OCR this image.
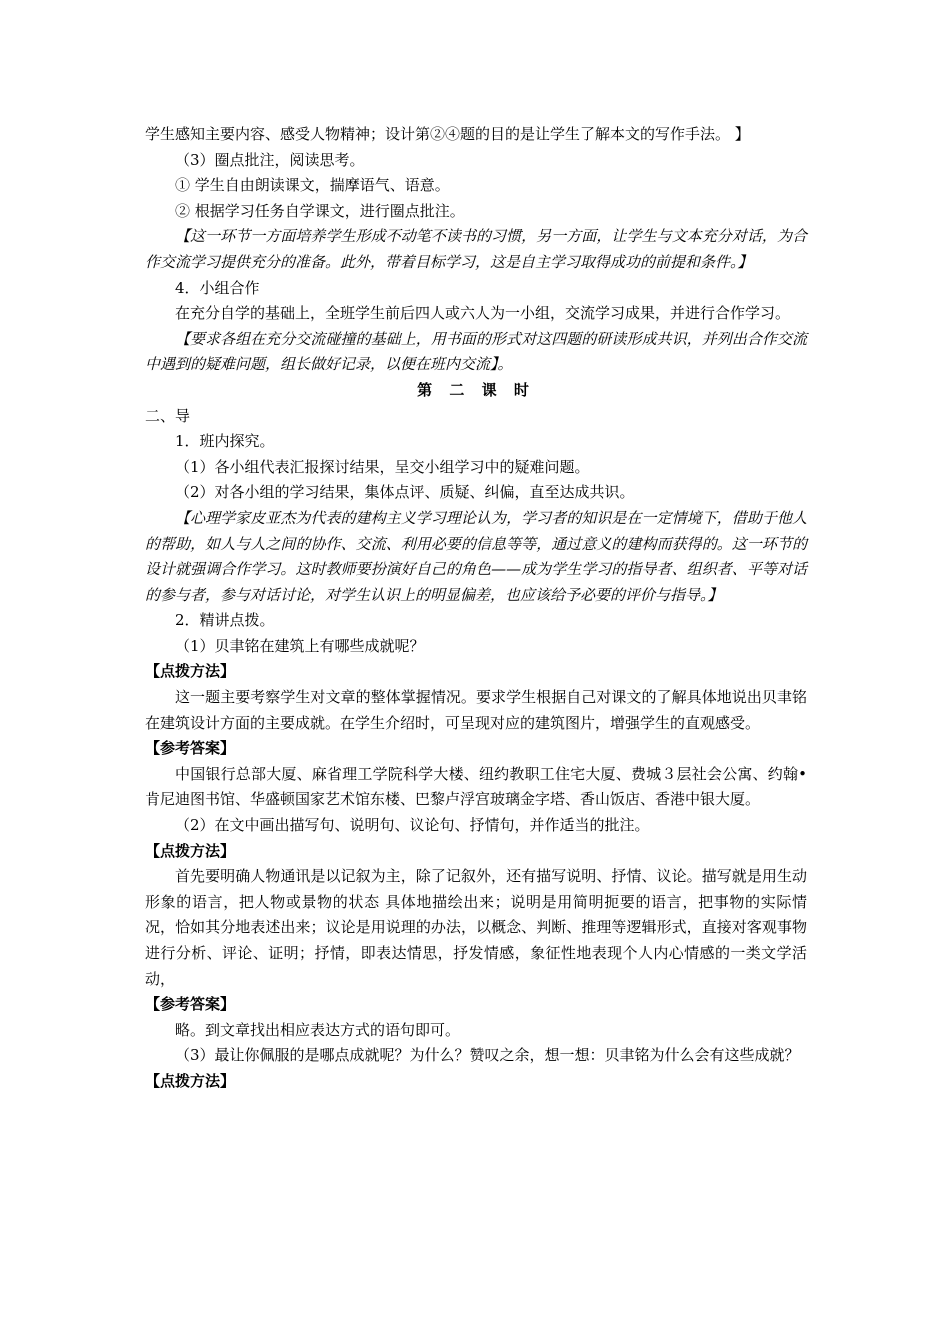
学生感知主要内容、感受人物精神；设计第②④题的目的是让学生了解本文的写作手法。 】
（3）圈点批注，阅读思考。
① 学生自由朗读课文，揣摩语气、语意。
② 根据学习任务自学课文，进行圈点批注。
【这一环节一方面培养学生形成不动笔不读书的习惯，另一方面，让学生与文本充分对话，为合作交流学习提供充分的准备。此外，带着目标学习，这是自主学习取得成功的前提和条件。】
4．小组合作
在充分自学的基础上，全班学生前后四人或六人为一小组，交流学习成果，并进行合作学习。
【要求各组在充分交流碰撞的基础上，用书面的形式对这四题的研读形成共识，并列出合作交流中遇到的疑难问题，组长做好记录，以便在班内交流】。
第 二 课 时
二、导
1．班内探究。
（1）各小组代表汇报探讨结果，呈交小组学习中的疑难问题。
（2）对各小组的学习结果，集体点评、质疑、纠偏，直至达成共识。
【心理学家皮亚杰为代表的建构主义学习理论认为，学习者的知识是在一定情境下，借助于他人的帮助，如人与人之间的协作、交流、利用必要的信息等等，通过意义的建构而获得的。这一环节的设计就强调合作学习。这时教师要扮演好自己的角色——成为学生学习的指导者、组织者、平等对话的参与者，参与对话讨论，对学生认识上的明显偏差，也应该给予必要的评价与指导。】
2．精讲点拨。
（1）贝聿铭在建筑上有哪些成就呢？
【点拨方法】
这一题主要考察学生对文章的整体掌握情况。要求学生根据自己对课文的了解具体地说出贝聿铭在建筑设计方面的主要成就。在学生介绍时，可呈现对应的建筑图片，增强学生的直观感受。
【参考答案】
中国银行总部大厦、麻省理工学院科学大楼、纽约教职工住宅大厦、费城３层社会公寓、约翰•肯尼迪图书馆、华盛顿国家艺术馆东楼、巴黎卢浮宫玻璃金字塔、香山饭店、香港中银大厦。
（2）在文中画出描写句、说明句、议论句、抒情句，并作适当的批注。
【点拨方法】
首先要明确人物通讯是以记叙为主，除了记叙外，还有描写说明、抒情、议论。描写就是用生动形象的语言，把人物或景物的状态 具体地描绘出来；说明是用简明扼要的语言，把事物的实际情况，恰如其分地表述出来；议论是用说理的办法，以概念、判断、推理等逻辑形式，直接对客观事物进行分析、评论、证明；抒情，即表达情思，抒发情感，象征性地表现个人内心情感的一类文学活动，
【参考答案】
略。到文章找出相应表达方式的语句即可。
（3）最让你佩服的是哪点成就呢？为什么？赞叹之余，想一想：贝聿铭为什么会有这些成就？
【点拨方法】
